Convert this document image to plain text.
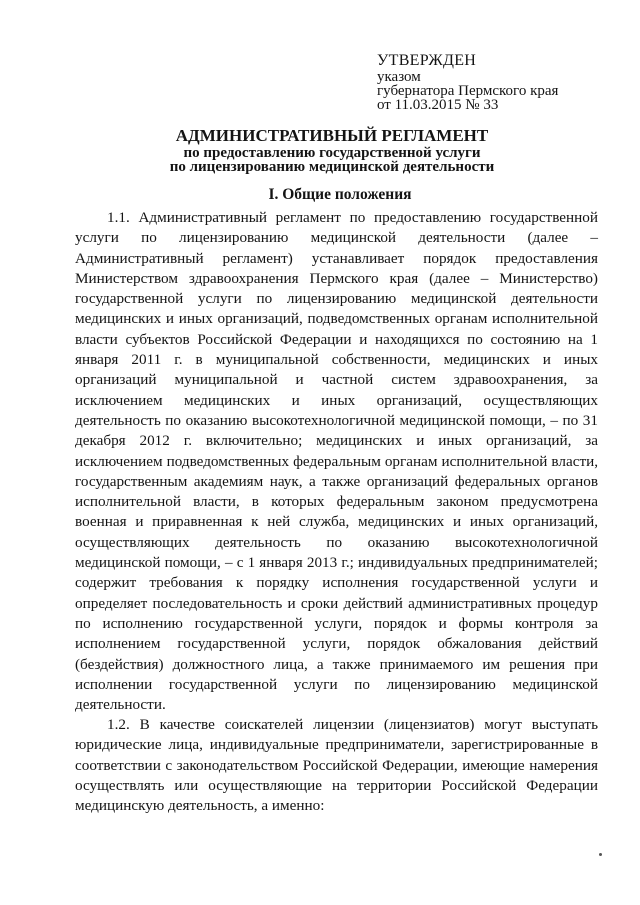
УТВЕРЖДЕН
указом
губернатора Пермского края
от 11.03.2015 № 33
АДМИНИСТРАТИВНЫЙ РЕГЛАМЕНТ
по предоставлению государственной услуги
по лицензированию медицинской деятельности
I. Общие положения
1.1. Административный регламент по предоставлению государственной услуги по лицензированию медицинской деятельности (далее – Административный регламент) устанавливает порядок предоставления Министерством здравоохранения Пермского края (далее – Министерство) государственной услуги по лицензированию медицинской деятельности медицинских и иных организаций, подведомственных органам исполнительной власти субъектов Российской Федерации и находящихся по состоянию на 1 января 2011 г. в муниципальной собственности, медицинских и иных организаций муниципальной и частной систем здравоохранения, за исключением медицинских и иных организаций, осуществляющих деятельность по оказанию высокотехнологичной медицинской помощи, – по 31 декабря 2012 г. включительно; медицинских и иных организаций, за исключением подведомственных федеральным органам исполнительной власти, государственным академиям наук, а также организаций федеральных органов исполнительной власти, в которых федеральным законом предусмотрена военная и приравненная к ней служба, медицинских и иных организаций, осуществляющих деятельность по оказанию высокотехнологичной медицинской помощи, – с 1 января 2013 г.; индивидуальных предпринимателей; содержит требования к порядку исполнения государственной услуги и определяет последовательность и сроки действий административных процедур по исполнению государственной услуги, порядок и формы контроля за исполнением государственной услуги, порядок обжалования действий (бездействия) должностного лица, а также принимаемого им решения при исполнении государственной услуги по лицензированию медицинской деятельности.
1.2. В качестве соискателей лицензии (лицензиатов) могут выступать юридические лица, индивидуальные предприниматели, зарегистрированные в соответствии с законодательством Российской Федерации, имеющие намерения осуществлять или осуществляющие на территории Российской Федерации медицинскую деятельность, а именно:
